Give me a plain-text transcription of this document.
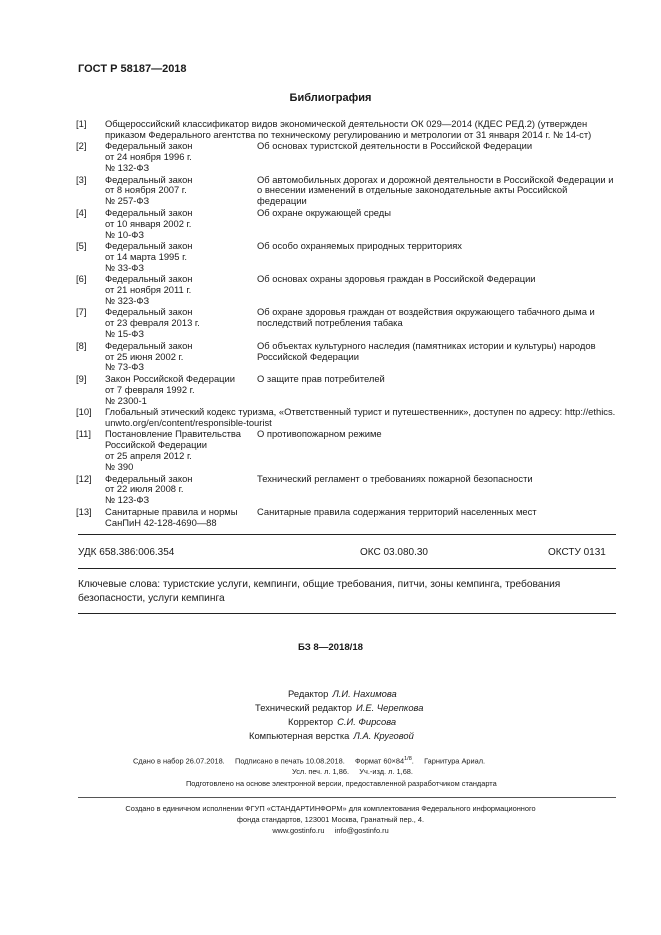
ГОСТ Р 58187—2018
Библиография
[1] Общероссийский классификатор видов экономической деятельности ОК 029—2014 (КДЕС РЕД.2) (утвержден приказом Федерального агентства по техническому регулированию и метрологии от 31 января 2014 г. № 14-ст)
[2] Федеральный закон
от 24 ноября 1996 г.
№ 132-ФЗОб основах туристской деятельности в Российской Федерации
[3] Федеральный закон
от 8 ноября 2007 г.
№ 257-ФЗОб автомобильных дорогах и дорожной деятельности в Российской Федерации и о внесении изменений в отдельные законодательные акты Российской федерации
[4] Федеральный закон
от 10 января 2002 г.
№ 10-ФЗОб охране окружающей среды
[5] Федеральный закон
от 14 марта 1995 г.
№ 33-ФЗОб особо охраняемых природных территориях
[6] Федеральный закон
от 21 ноября 2011 г.
№ 323-ФЗОб основах охраны здоровья граждан в Российской Федерации
[7] Федеральный закон
от 23 февраля 2013 г.
№ 15-ФЗОб охране здоровья граждан от воздействия окружающего табачного дыма и последствий потребления табака
[8] Федеральный закон
от 25 июня 2002 г.
№ 73-ФЗОб объектах культурного наследия (памятниках истории и культуры) народов Российской Федерации
[9] Закон Российской Федерации
от 7 февраля 1992 г.
№ 2300-1О защите прав потребителей
[10] Глобальный этический кодекс туризма, «Ответственный турист и путешественник», доступен по адресу: http://ethics. unwto.org/en/content/responsible-tourist
[11] Постановление Правительства
Российской Федерации
от 25 апреля 2012 г.
№ 390О противопожарном режиме
[12] Федеральный закон
от 22 июля 2008 г.
№ 123-ФЗТехнический регламент о требованиях пожарной безопасности
[13] Санитарные правила и нормы
СанПиН 42-128-4690—88Санитарные правила содержания территорий населенных мест
УДК 658.386:006.354	ОКС 03.080.30	ОКСТУ 0131
Ключевые слова: туристские услуги, кемпинги, общие требования, питчи, зоны кемпинга, требования безопасности, услуги кемпинга
БЗ 8—2018/18
Редактор Л.И. Нахимова
Технический редактор И.Е. Черепкова
Корректор С.И. Фирсова
Компьютерная верстка Л.А. Круговой
Сдано в набор 26.07.2018. Подписано в печать 10.08.2018. Формат $60\times 84^{1/8}$.     Гарнитура Ариал.
Усл. печ. л. 1,86. Уч.-изд. л. 1,68.
Подготовлено на основе электронной версии, предоставленной разработчиком стандарта
Создано в единичном исполнении ФГУП «СТАНДАРТИНФОРМ» для комплектования Федерального информационного
фонда стандартов, 123001 Москва, Гранатный пер., 4.
www.gostinfo.ru     info@gostinfo.ru
